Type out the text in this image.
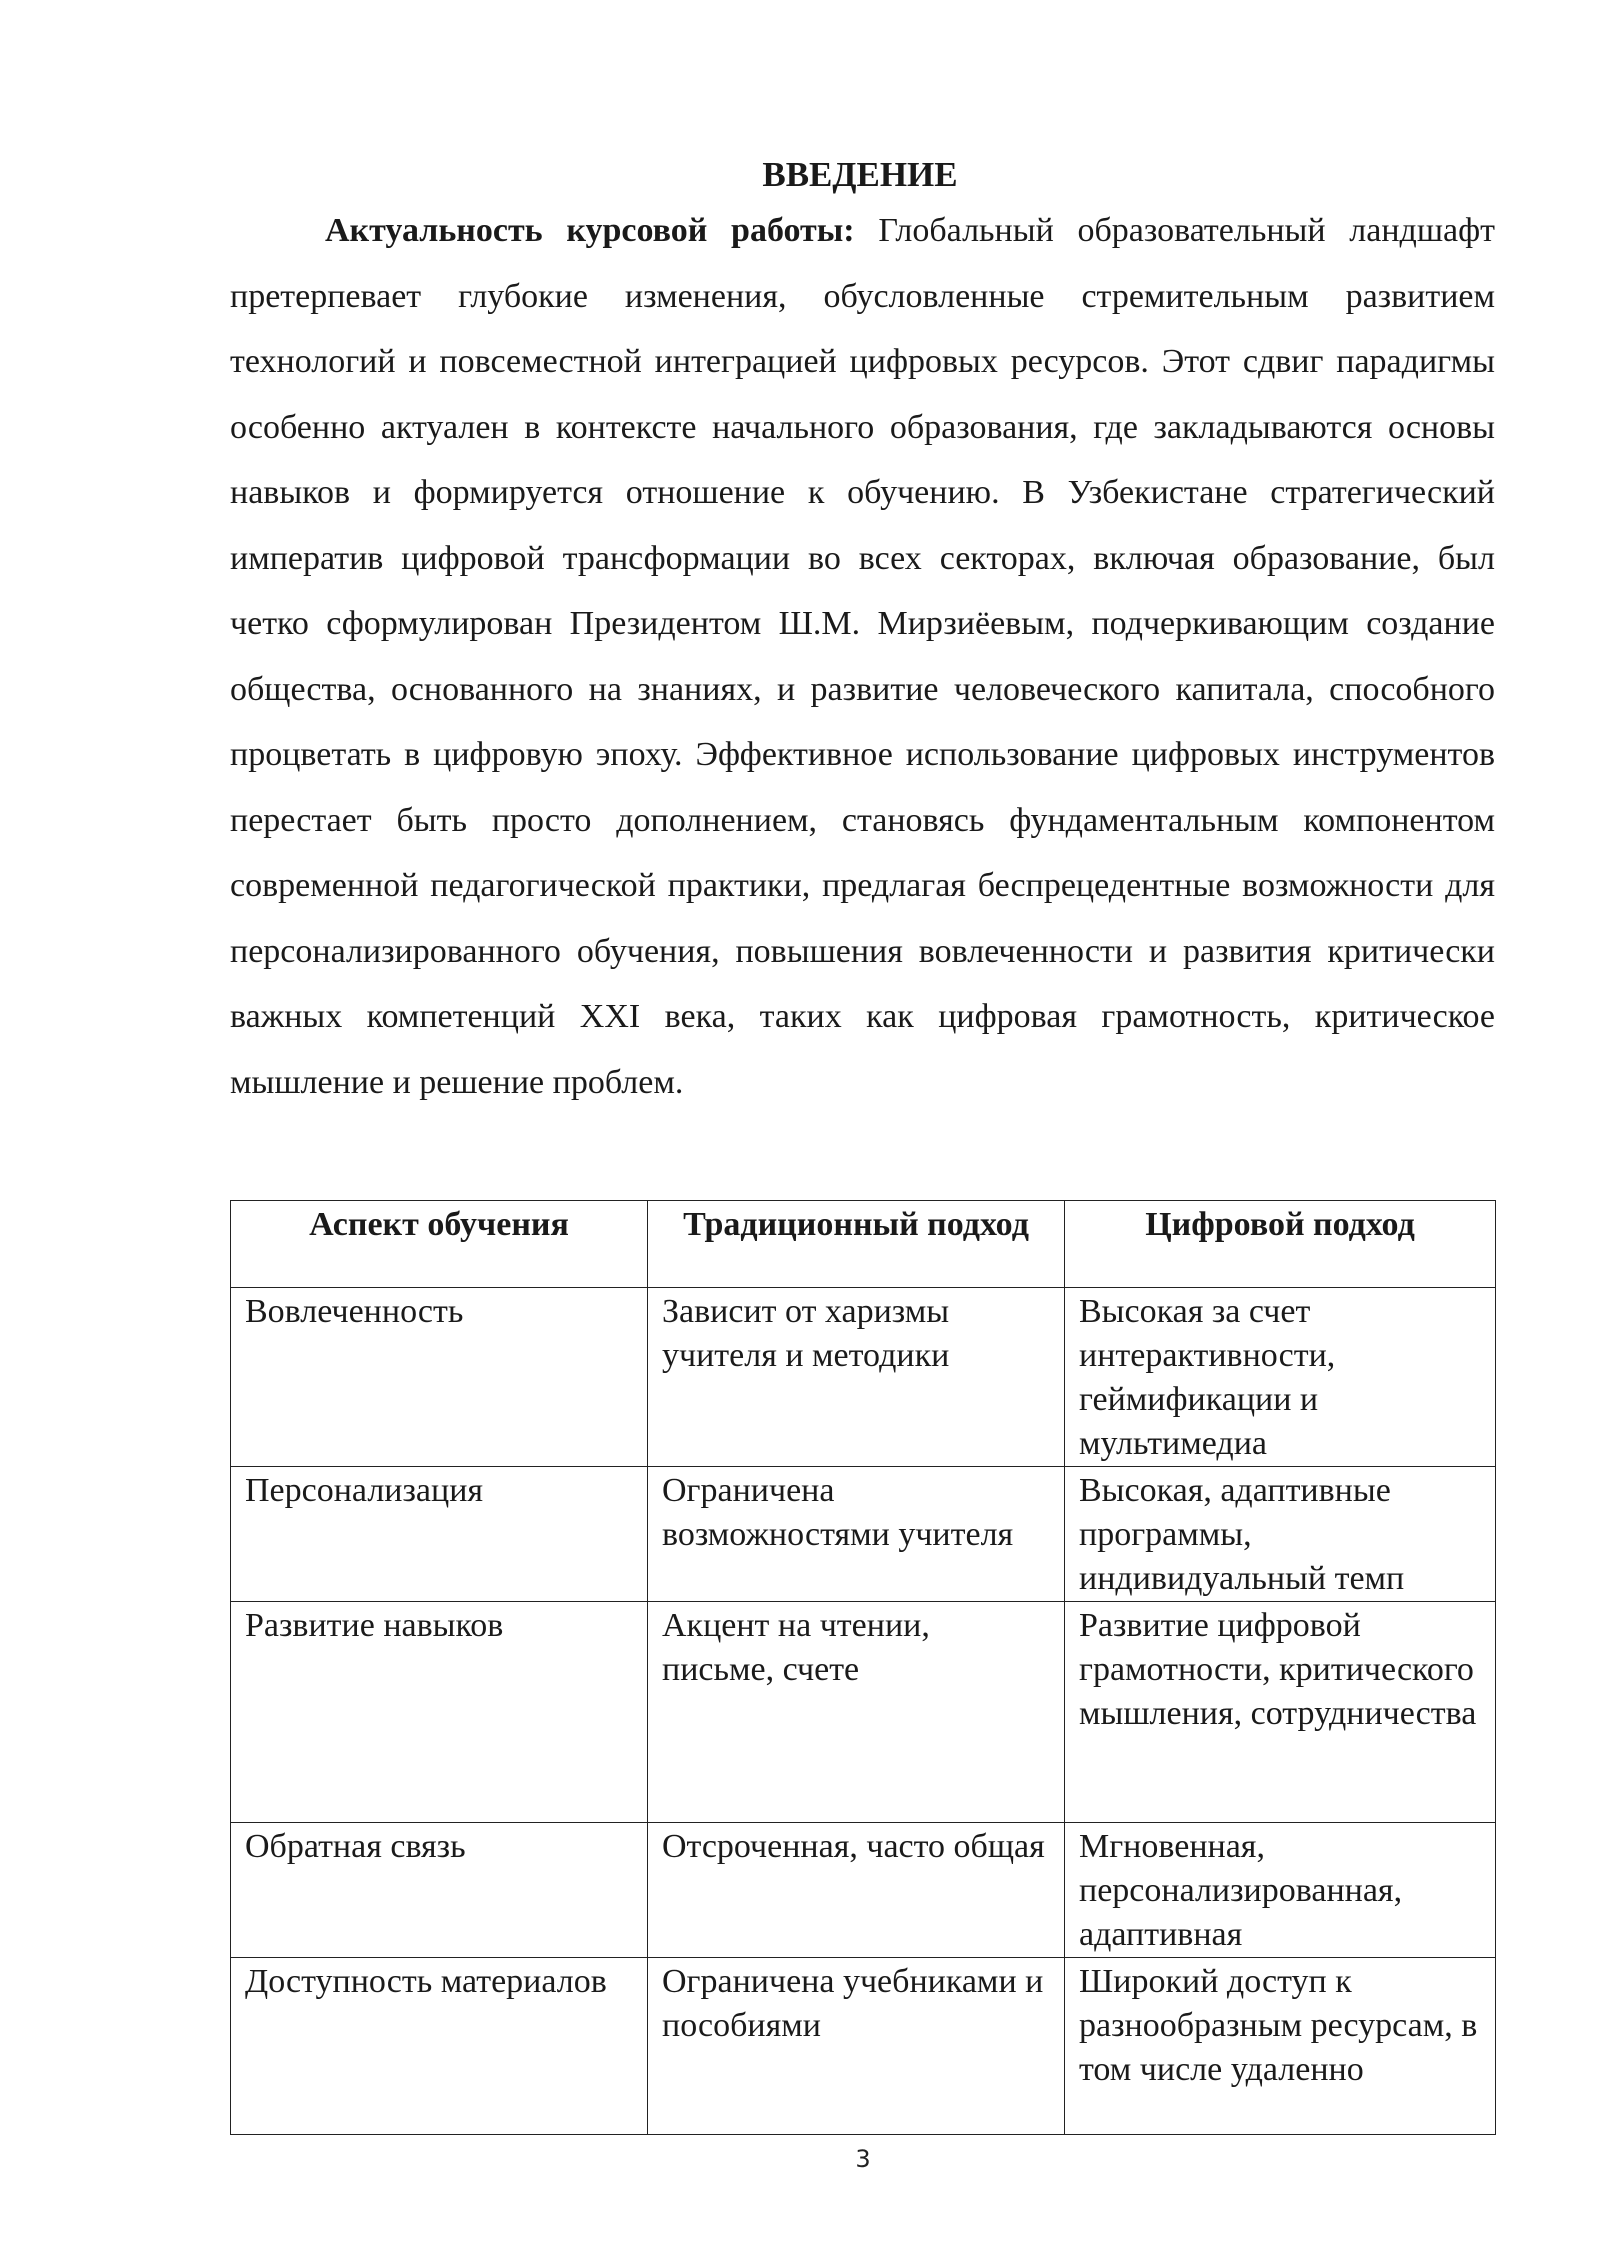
ВВЕДЕНИЕ

Актуальность курсовой работы: Глобальный образовательный ландшафт претерпевает глубокие изменения, обусловленные стремительным развитием технологий и повсеместной интеграцией цифровых ресурсов. Этот сдвиг парадигмы особенно актуален в контексте начального образования, где закладываются основы навыков и формируется отношение к обучению. В Узбекистане стратегический императив цифровой трансформации во всех секторах, включая образование, был четко сформулирован Президентом Ш.М. Мирзиёевым, подчеркивающим создание общества, основанного на знаниях, и развитие человеческого капитала, способного процветать в цифровую эпоху. Эффективное использование цифровых инструментов перестает быть просто дополнением, становясь фундаментальным компонентом современной педагогической практики, предлагая беспрецедентные возможности для персонализированного обучения, повышения вовлеченности и развития критически важных компетенций XXI века, таких как цифровая грамотность, критическое мышление и решение проблем.

Аспект обучения	Традиционный подход	Цифровой подход
Вовлеченность	Зависит от харизмы учителя и методики	Высокая за счет интерактивности, геймификации и мультимедиа
Персонализация	Ограничена возможностями учителя	Высокая, адаптивные программы, индивидуальный темп
Развитие навыков	Акцент на чтении, письме, счете	Развитие цифровой грамотности, критического мышления, сотрудничества
Обратная связь	Отсроченная, часто общая	Мгновенная, персонализированная, адаптивная
Доступность материалов	Ограничена учебниками и пособиями	Широкий доступ к разнообразным ресурсам, в том числе удаленно
3
